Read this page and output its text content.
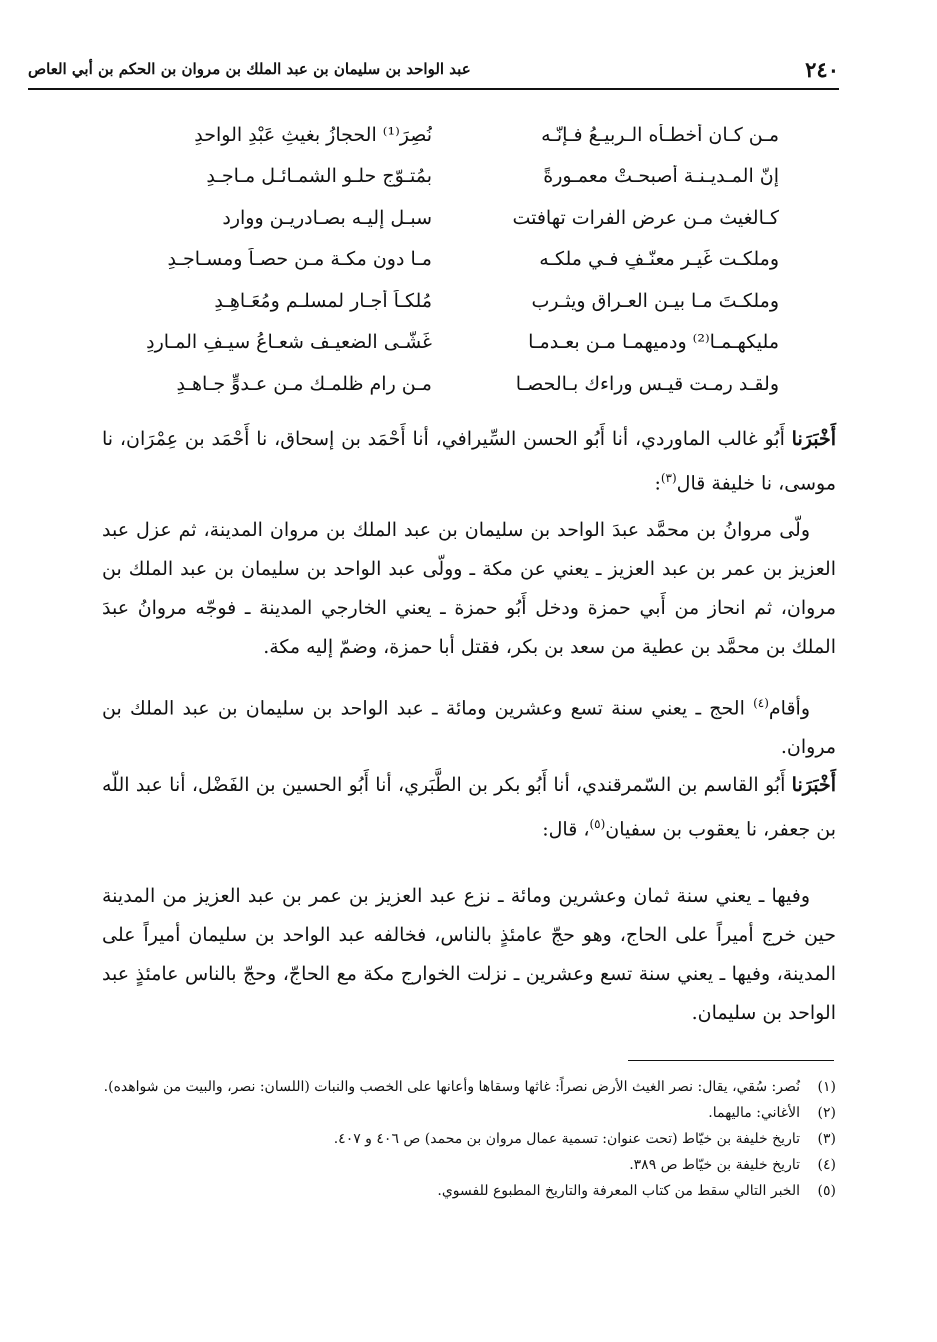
٢٤٠
عبد الواحد بن سليمان بن عبد الملك بن مروان بن الحكم بن أبي العاص
مـن كـان أخطـأه الـربيـعُ فـإنّـه
نُصِرَ⁽¹⁾ الحجازُ بغيثِ عَبْدِ الواحدِ
إنّ المـديـنـة أصبحـتْ معمـورةً
بمُتـوّج حلـوِ الشمـائـل مـاجـدِ
كـالغيث مـن عرض الفرات تهافتت
سبـل إليـه بصـادريـن ووارد
وملكـت غَيـر معنّـفٍ فـي ملكـه
مـا دون مكـة مـن حصـاً ومسـاجـدِ
وملكـتَ مـا بيـن العـراق ويثـرب
مُلكـاً أجـار لمسلـم ومُعَـاهِـدِ
مليكهـمـا⁽²⁾ ودميهمـا مـن بعـدمـا
غَشّـى الضعيـف شعـاعُ سيـفِ المـاردِ
ولقـد رمـت قيـس وراءك بـالحصـا
مـن رام ظلمـك مـن عـدوٍّ جـاهـدِ
أَخْبَرَنا أَبُو غالب الماوردي، أنا أَبُو الحسن السِّيرافي، أنا أَحْمَد بن إسحاق، نا أَحْمَد بن عِمْرَان، نا موسى، نا خليفة قال$^{(٣)}$:
ولّى مروانُ بن محمَّد عبدَ الواحد بن سليمان بن عبد الملك بن مروان المدينة، ثم عزل عبد العزيز بن عمر بن عبد العزيز ـ يعني عن مكة ـ وولّى عبد الواحد بن سليمان بن عبد الملك بن مروان، ثم انحاز من أَبي حمزة ودخل أَبُو حمزة ـ يعني الخارجي المدينة ـ فوجّه مروانُ عبدَ الملك بن محمَّد بن عطية من سعد بن بكر، فقتل أبا حمزة، وضمّ إليه مكة.
وأقام$^{(٤)}$ الحج ـ يعني سنة تسع وعشرين ومائة ـ عبد الواحد بن سليمان بن عبد الملك بن مروان.
أَخْبَرَنا أَبُو القاسم بن السّمرقندي، أنا أَبُو بكر بن الطَّبَري، أنا أَبُو الحسين بن الفَضْل، أنا عبد اللّه بن جعفر، نا يعقوب بن سفيان$^{(٥)}$، قال:
وفيها ـ يعني سنة ثمان وعشرين ومائة ـ نزع عبد العزيز بن عمر بن عبد العزيز من المدينة حين خرج أميراً على الحاج، وهو حجّ عامئذٍ بالناس، فخالفه عبد الواحد بن سليمان أميراً على المدينة، وفيها ـ يعني سنة تسع وعشرين ـ نزلت الخوارج مكة مع الحاجّ، وحجّ بالناس عامئذٍ عبد الواحد بن سليمان.
(١)
نُصر: سُقي، يقال: نصر الغيث الأرض نصراً: غاثها وسقاها وأعانها على الخصب والنبات (اللسان: نصر، والبيت من شواهده).
(٢)
الأغاني: ماليهما.
(٣)
تاريخ خليفة بن خيّاط (تحت عنوان: تسمية عمال مروان بن محمد) ص ٤٠٦ و ٤٠٧.
(٤)
تاريخ خليفة بن خيّاط ص ٣٨٩.
(٥)
الخبر التالي سقط من كتاب المعرفة والتاريخ المطبوع للفسوي.
